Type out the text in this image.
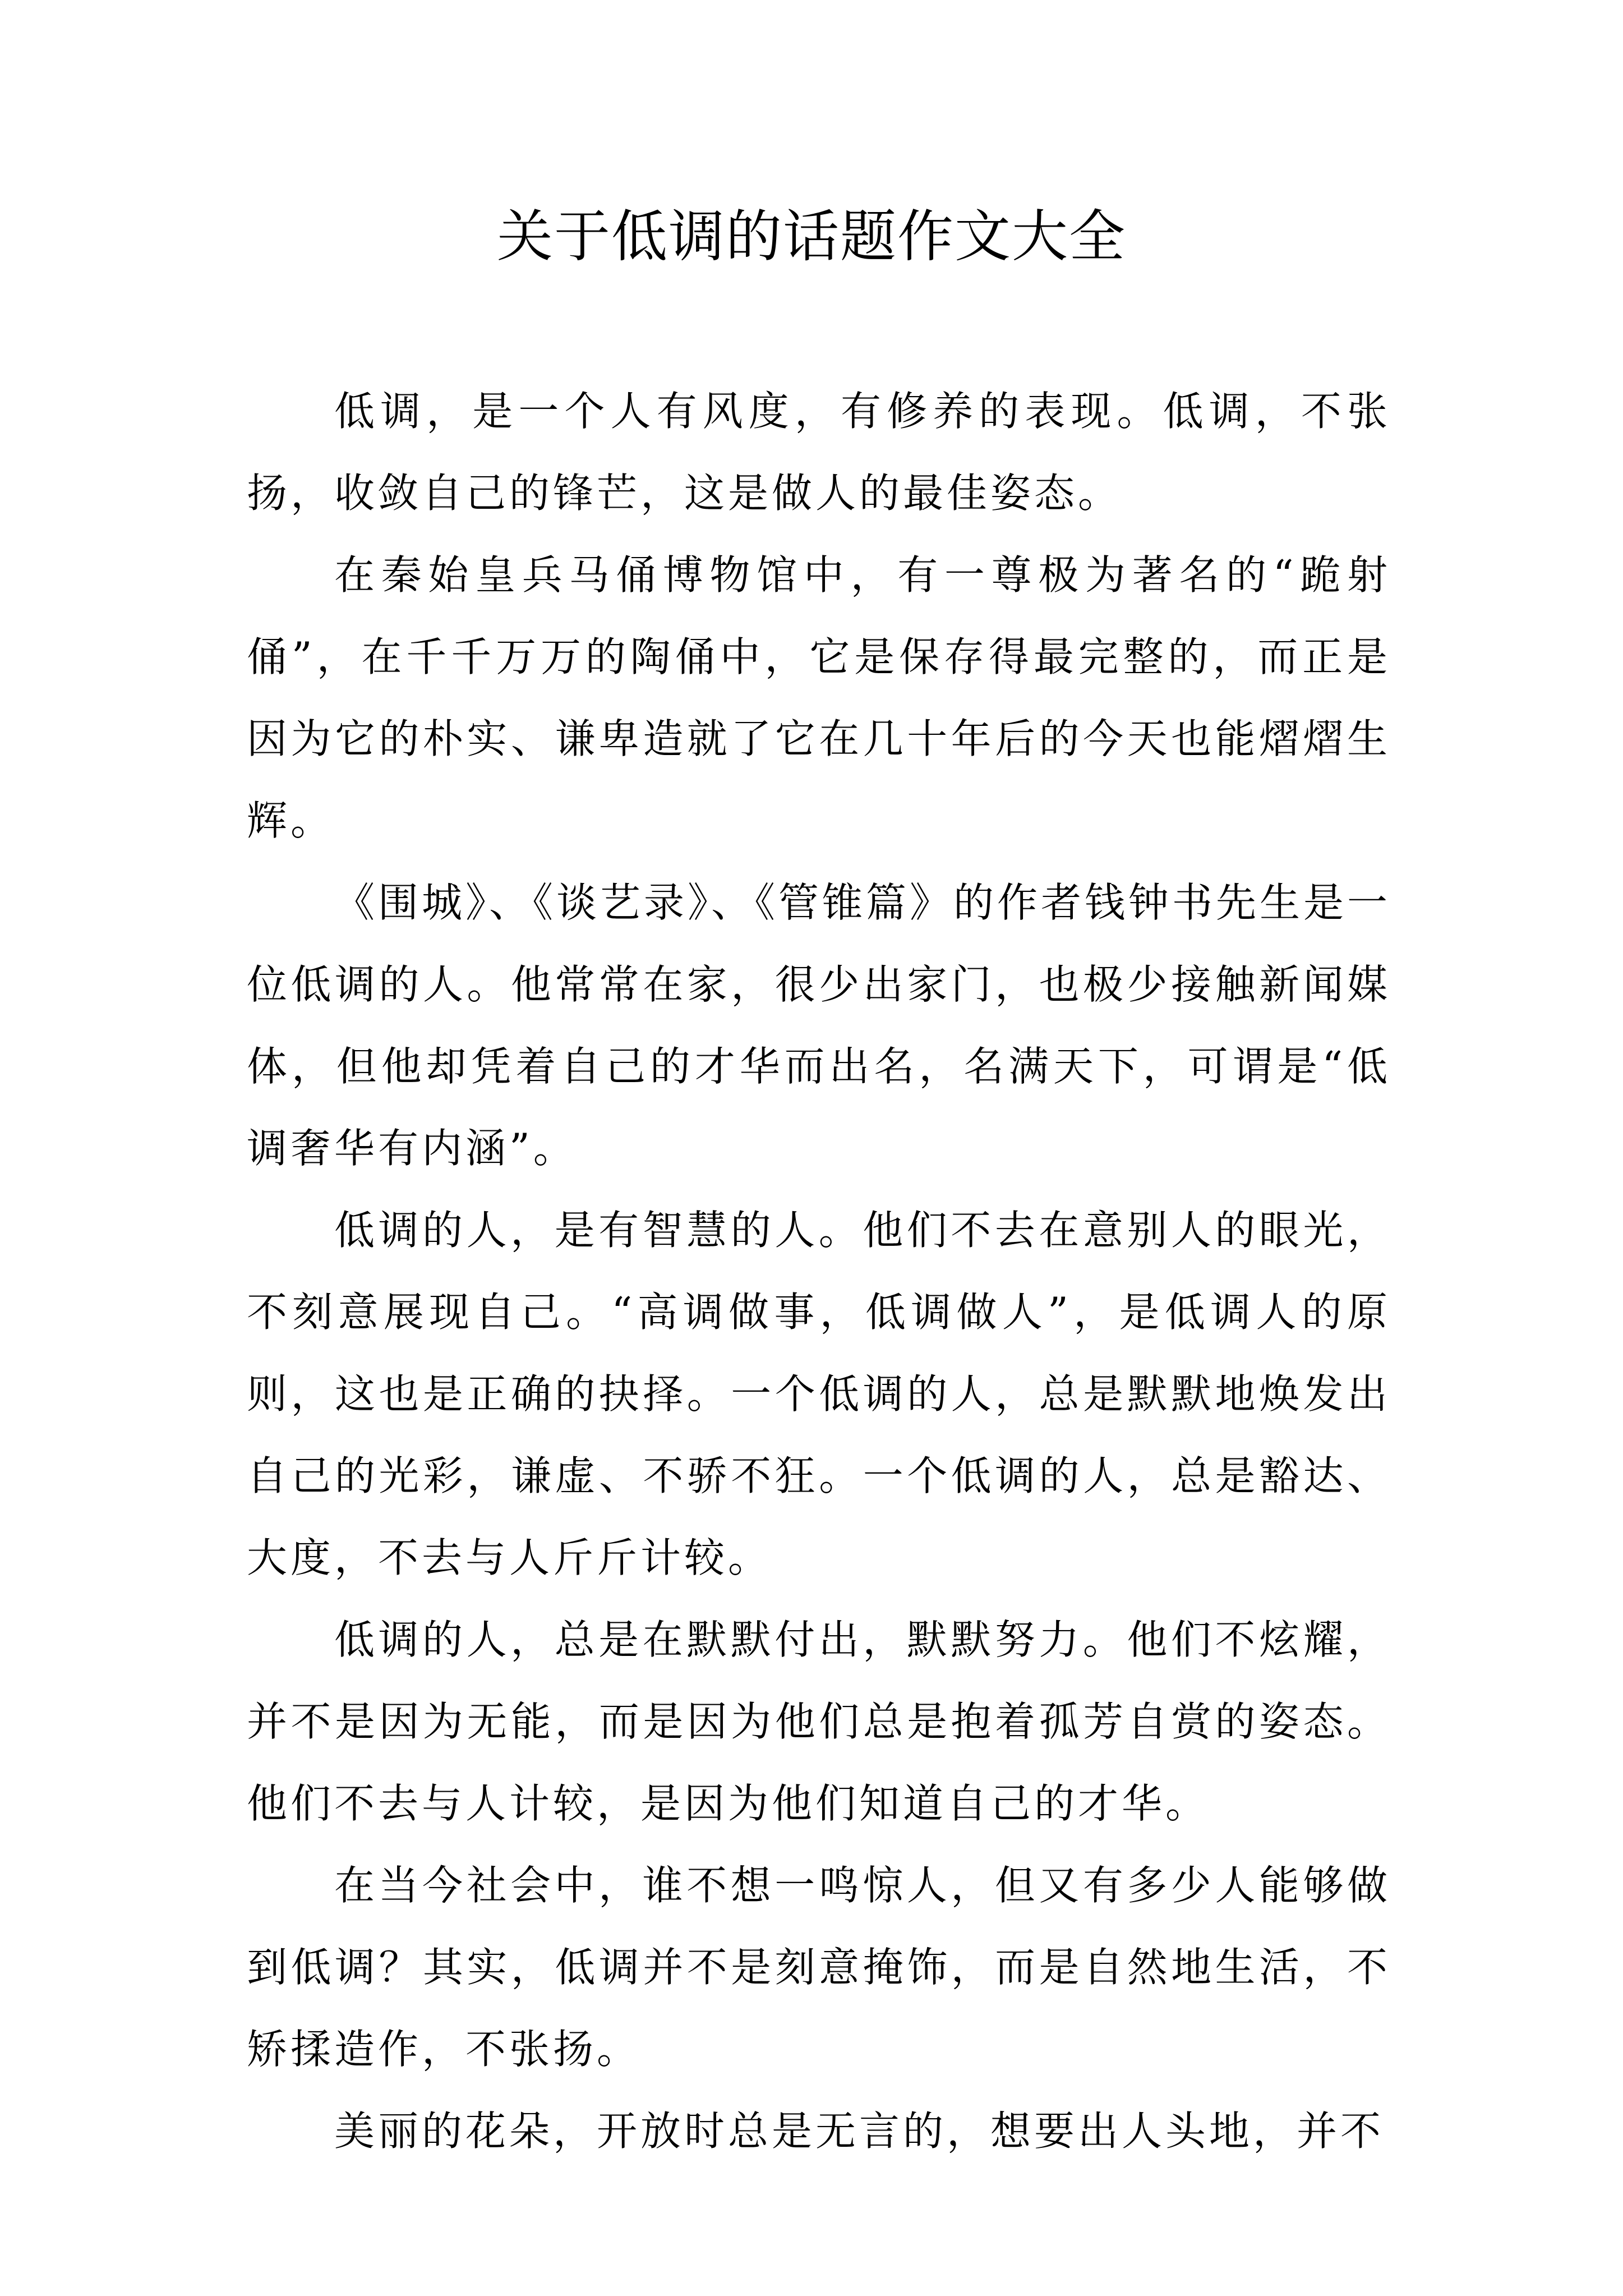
关于低调的话题作文大全

低调，是一个人有风度，有修养的表现。低调，不张扬，收敛自己的锋芒，这是做人的最佳姿态。

在秦始皇兵马俑博物馆中，有一尊极为著名的“跪射俑”，在千千万万的陶俑中，它是保存得最完整的，而正是因为它的朴实、谦卑造就了它在几十年后的今天也能熠熠生辉。

《围城》、《谈艺录》、《管锥篇》的作者钱钟书先生是一位低调的人。他常常在家，很少出家门，也极少接触新闻媒体，但他却凭着自己的才华而出名，名满天下，可谓是“低调奢华有内涵”。

低调的人，是有智慧的人。他们不去在意别人的眼光，不刻意展现自己。“高调做事，低调做人”，是低调人的原则，这也是正确的抉择。一个低调的人，总是默默地焕发出自己的光彩，谦虚、不骄不狂。一个低调的人，总是豁达、大度，不去与人斤斤计较。

低调的人，总是在默默付出，默默努力。他们不炫耀，并不是因为无能，而是因为他们总是抱着孤芳自赏的姿态。他们不去与人计较，是因为他们知道自己的才华。

在当今社会中，谁不想一鸣惊人，但又有多少人能够做到低调？其实，低调并不是刻意掩饰，而是自然地生活，不矫揉造作，不张扬。

美丽的花朵，开放时总是无言的，想要出人头地，并不
